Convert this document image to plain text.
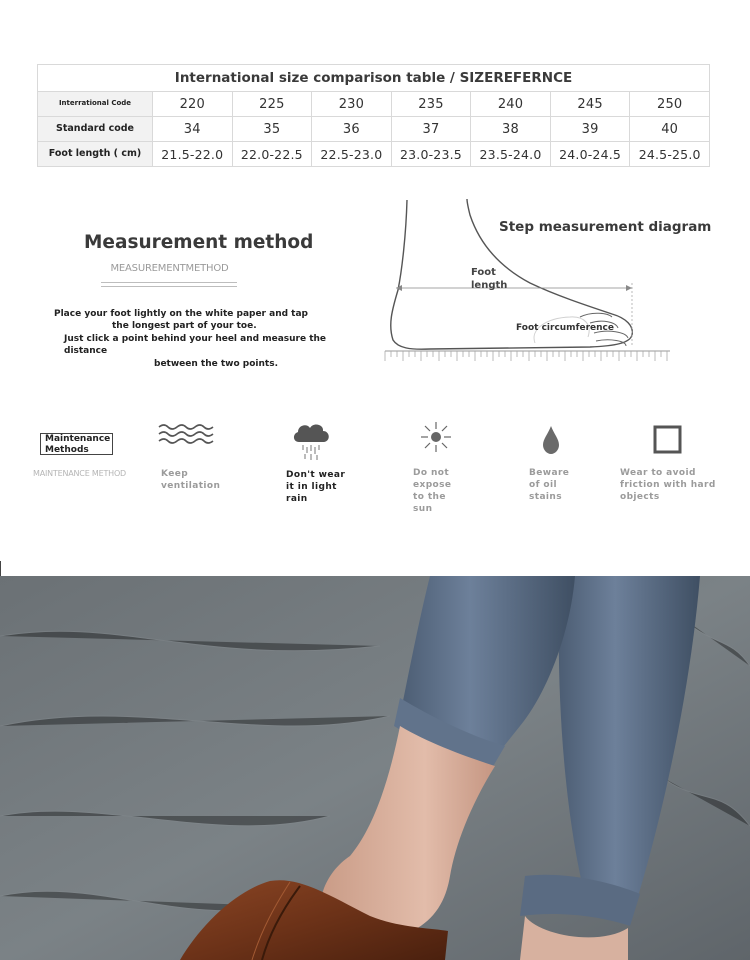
International size comparison table / SIZEREFERNCE
Interrational Code	220	225	230	235	240	245	250
Standard code	34	35	36	37	38	39	40
Foot length ( cm)	21.5-22.0	22.0-22.5	22.5-23.0	23.0-23.5	23.5-24.0	24.0-24.5	24.5-25.0
Measurement method
MEASUREMENTMETHOD
Place your foot lightly on the white paper and tap
the longest part of your toe.
Just click a point behind your heel and measure the distance
between the two points.
Step measurement diagram
Foot length
Foot circumference
Maintenance Methods
MAINTENANCE METHOD	Keep ventilation
Don't wear it in light rain
Do not expose to the sun
Beware of oil stains
Wear to avoid friction with hard objects
